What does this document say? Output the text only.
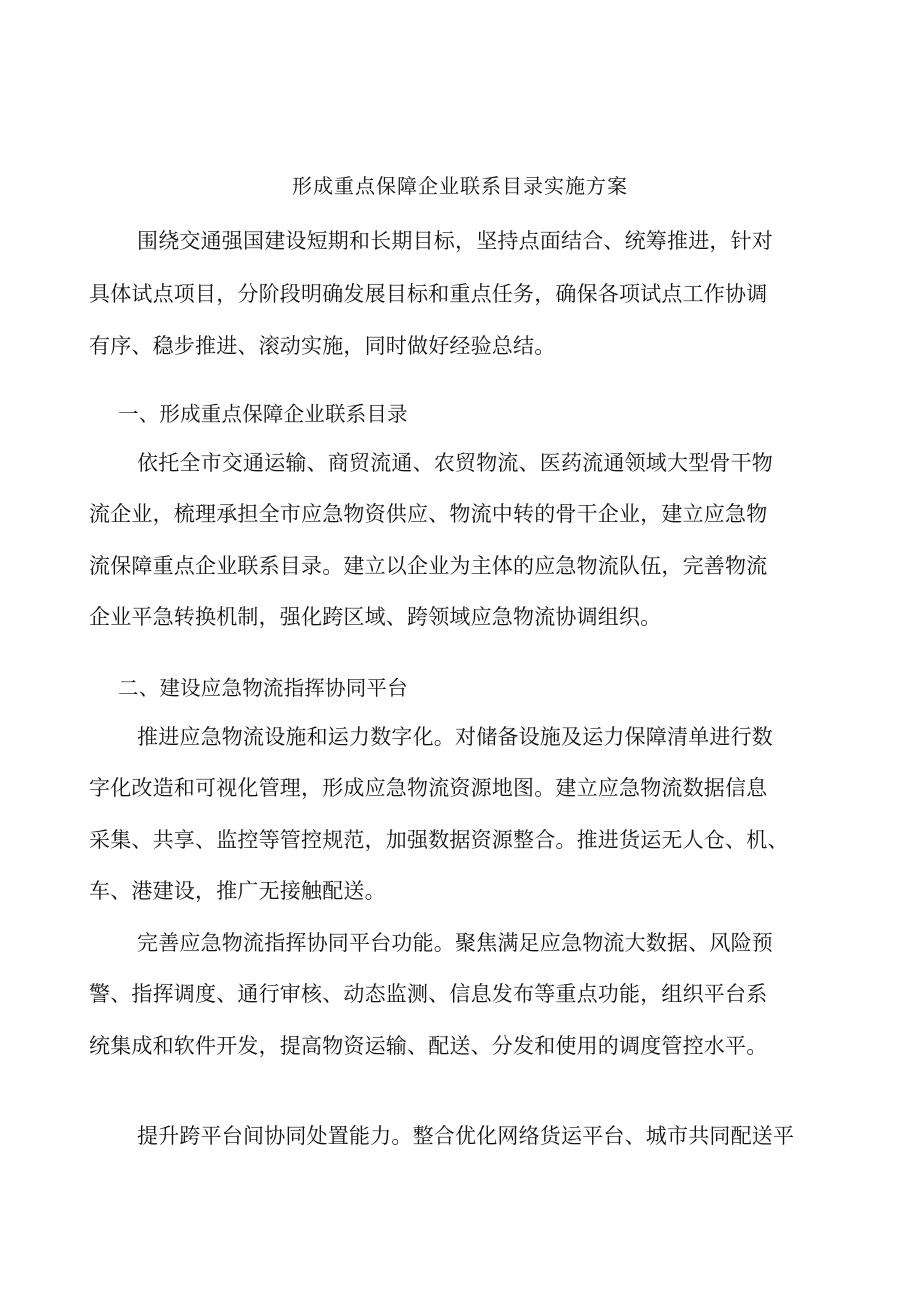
形成重点保障企业联系目录实施方案
围绕交通强国建设短期和长期目标，坚持点面结合、统筹推进，针对
具体试点项目，分阶段明确发展目标和重点任务，确保各项试点工作协调
有序、稳步推进、滚动实施，同时做好经验总结。
一、形成重点保障企业联系目录
依托全市交通运输、商贸流通、农贸物流、医药流通领域大型骨干物
流企业，梳理承担全市应急物资供应、物流中转的骨干企业，建立应急物
流保障重点企业联系目录。建立以企业为主体的应急物流队伍，完善物流
企业平急转换机制，强化跨区域、跨领域应急物流协调组织。
二、建设应急物流指挥协同平台
推进应急物流设施和运力数字化。对储备设施及运力保障清单进行数
字化改造和可视化管理，形成应急物流资源地图。建立应急物流数据信息
采集、共享、监控等管控规范，加强数据资源整合。推进货运无人仓、机、
车、港建设，推广无接触配送。
完善应急物流指挥协同平台功能。聚焦满足应急物流大数据、风险预
警、指挥调度、通行审核、动态监测、信息发布等重点功能，组织平台系
统集成和软件开发，提高物资运输、配送、分发和使用的调度管控水平。
提升跨平台间协同处置能力。整合优化网络货运平台、城市共同配送平
